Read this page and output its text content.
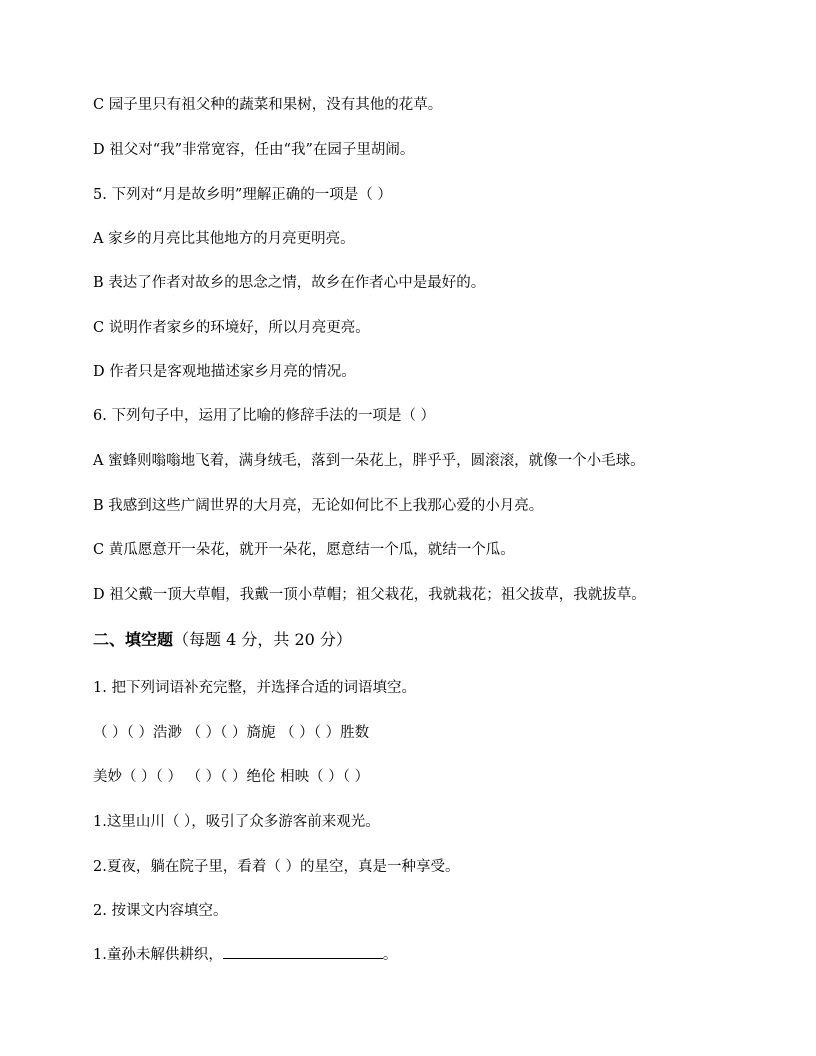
C 园子里只有祖父种的蔬菜和果树，没有其他的花草。
D 祖父对“我”非常宽容，任由“我”在园子里胡闹。
5. 下列对“月是故乡明”理解正确的一项是（ ）
A 家乡的月亮比其他地方的月亮更明亮。
B 表达了作者对故乡的思念之情，故乡在作者心中是最好的。
C 说明作者家乡的环境好，所以月亮更亮。
D 作者只是客观地描述家乡月亮的情况。
6. 下列句子中，运用了比喻的修辞手法的一项是（ ）
A 蜜蜂则嗡嗡地飞着，满身绒毛，落到一朵花上，胖乎乎，圆滚滚，就像一个小毛球。
B 我感到这些广阔世界的大月亮，无论如何比不上我那心爱的小月亮。
C 黄瓜愿意开一朵花，就开一朵花，愿意结一个瓜，就结一个瓜。
D 祖父戴一顶大草帽，我戴一顶小草帽；祖父栽花，我就栽花；祖父拔草，我就拔草。
二、填空题（每题 4 分，共 20 分）
1. 把下列词语补充完整，并选择合适的词语填空。
（ ）（ ）浩渺 （ ）（ ）旖旎 （ ）（ ）胜数
美妙（ ）（ ） （ ）（ ）绝伦 相映（ ）（ ）
1.这里山川（ ），吸引了众多游客前来观光。
2.夏夜，躺在院子里，看着（ ）的星空，真是一种享受。
2. 按课文内容填空。
1.童孙未解供耕织，	。
